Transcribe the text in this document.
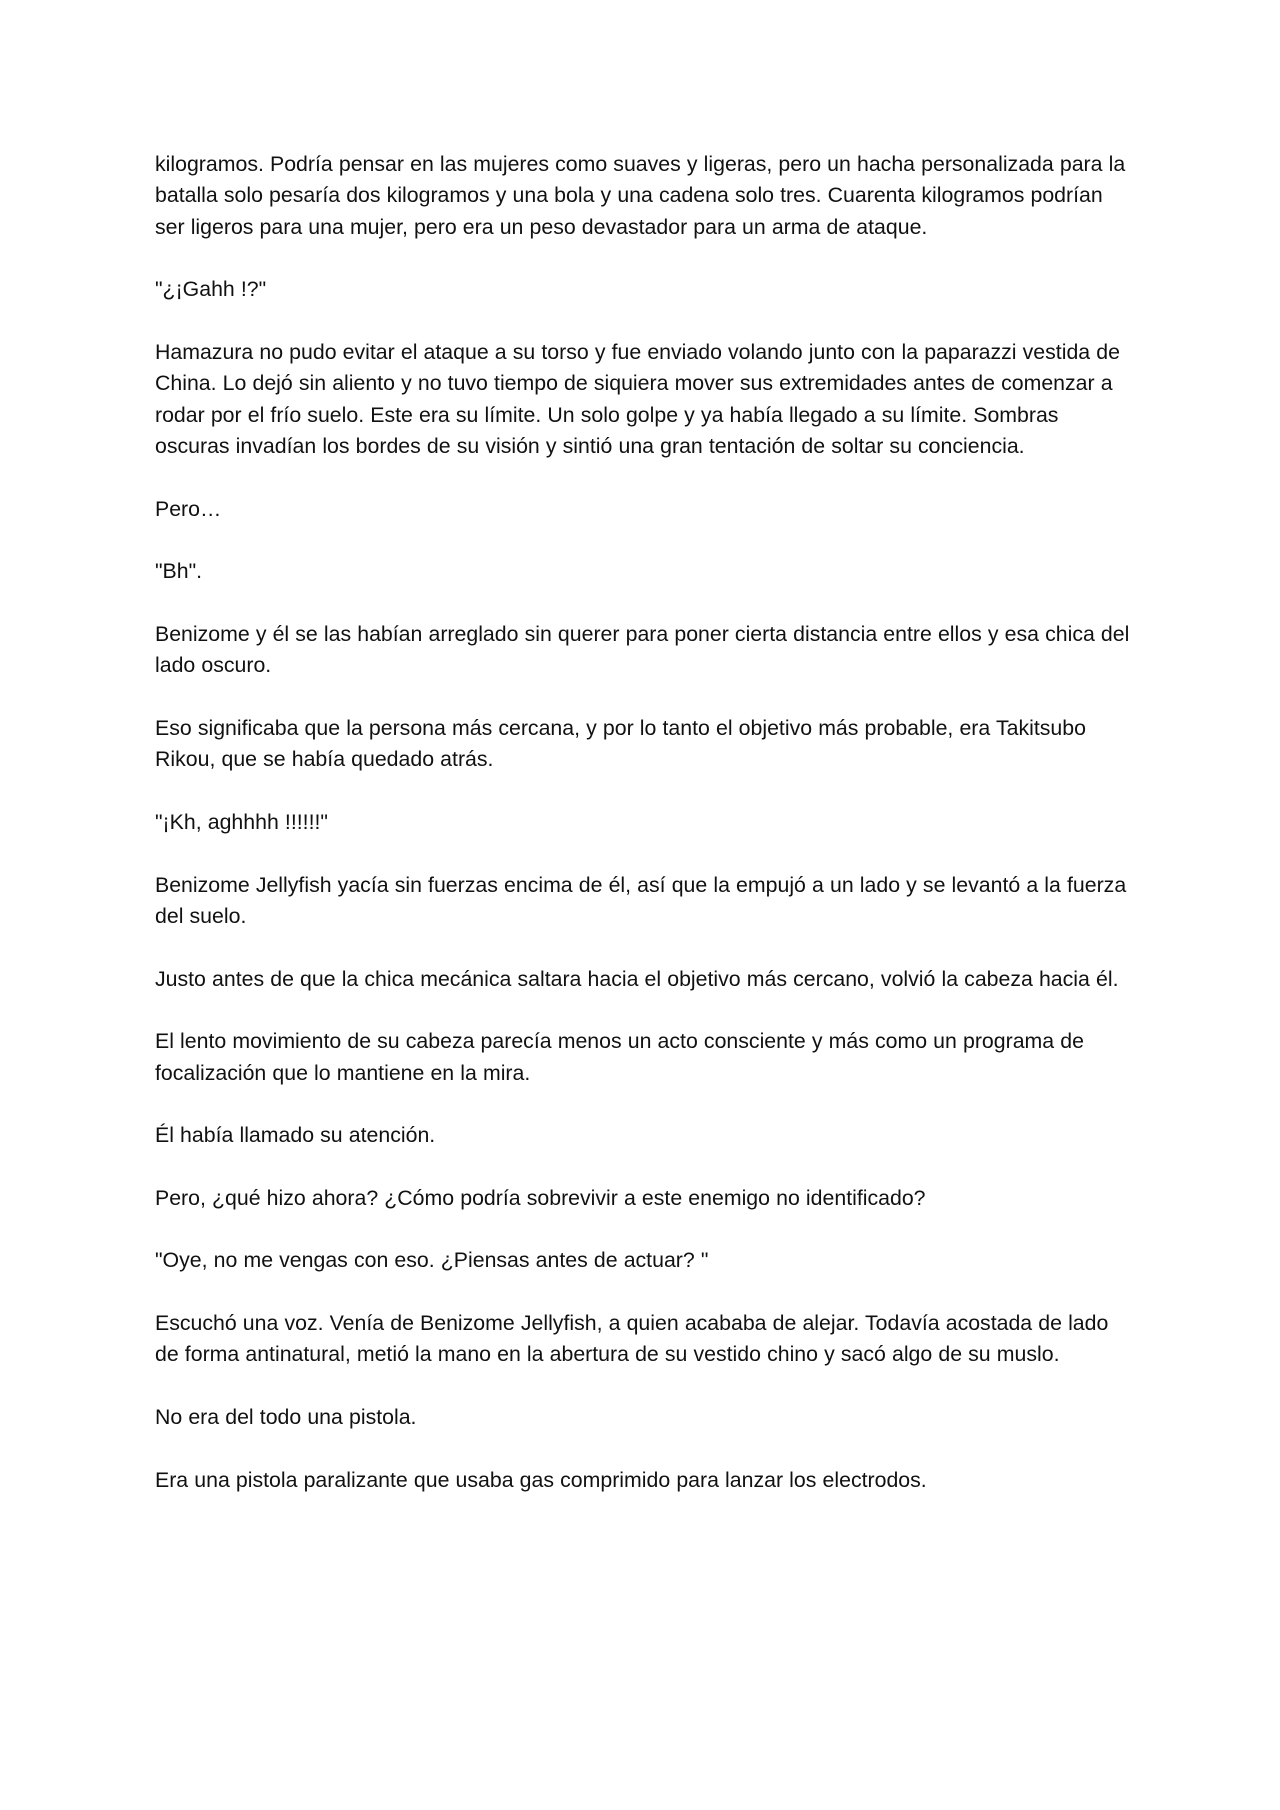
kilogramos. Podría pensar en las mujeres como suaves y ligeras, pero un hacha personalizada para la batalla solo pesaría dos kilogramos y una bola y una cadena solo tres. Cuarenta kilogramos podrían ser ligeros para una mujer, pero era un peso devastador para un arma de ataque.

"¿¡Gahh !?"

Hamazura no pudo evitar el ataque a su torso y fue enviado volando junto con la paparazzi vestida de China. Lo dejó sin aliento y no tuvo tiempo de siquiera mover sus extremidades antes de comenzar a rodar por el frío suelo. Este era su límite. Un solo golpe y ya había llegado a su límite. Sombras oscuras invadían los bordes de su visión y sintió una gran tentación de soltar su conciencia.

Pero…

"Bh".

Benizome y él se las habían arreglado sin querer para poner cierta distancia entre ellos y esa chica del lado oscuro.

Eso significaba que la persona más cercana, y por lo tanto el objetivo más probable, era Takitsubo Rikou, que se había quedado atrás.

"¡Kh, aghhhh !!!!!!"

Benizome Jellyfish yacía sin fuerzas encima de él, así que la empujó a un lado y se levantó a la fuerza del suelo.

Justo antes de que la chica mecánica saltara hacia el objetivo más cercano, volvió la cabeza hacia él.

El lento movimiento de su cabeza parecía menos un acto consciente y más como un programa de focalización que lo mantiene en la mira.

Él había llamado su atención.

Pero, ¿qué hizo ahora? ¿Cómo podría sobrevivir a este enemigo no identificado?

"Oye, no me vengas con eso. ¿Piensas antes de actuar? "

Escuchó una voz. Venía de Benizome Jellyfish, a quien acababa de alejar. Todavía acostada de lado de forma antinatural, metió la mano en la abertura de su vestido chino y sacó algo de su muslo.

No era del todo una pistola.

Era una pistola paralizante que usaba gas comprimido para lanzar los electrodos.
